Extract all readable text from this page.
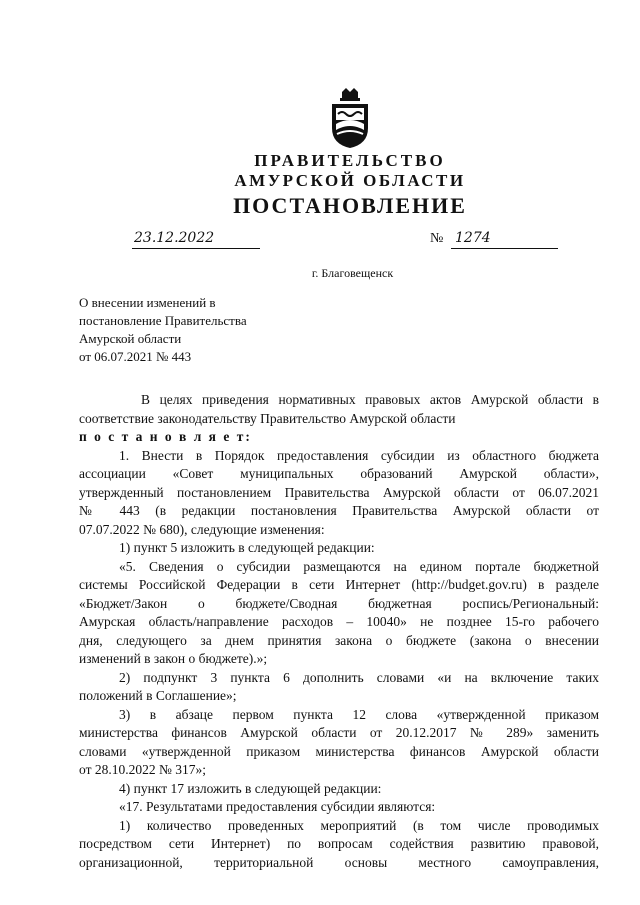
ПРАВИТЕЛЬСТВО
АМУРСКОЙ ОБЛАСТИ
ПОСТАНОВЛЕНИЕ
23.12.2022	№ 1274
г. Благовещенск
О внесении изменений в
постановление Правительства
Амурской области
от 06.07.2021 № 443
В целях приведения нормативных правовых актов Амурской области в
соответствие законодательству Правительство Амурской области
п о с т а н о в л я е т:
1. Внести в Порядок предоставления субсидии из областного бюджета
ассоциации «Совет муниципальных образований Амурской области»,
утвержденный постановлением Правительства Амурской области от 06.07.2021
№ 443 (в редакции постановления Правительства Амурской области от
07.07.2022 № 680), следующие изменения:
1) пункт 5 изложить в следующей редакции:
«5. Сведения о субсидии размещаются на едином портале бюджетной
системы Российской Федерации в сети Интернет (http://budget.gov.ru) в разделе
«Бюджет/Закон о бюджете/Сводная бюджетная роспись/Региональный:
Амурская область/направление расходов – 10040» не позднее 15-го рабочего
дня, следующего за днем принятия закона о бюджете (закона о внесении
изменений в закон о бюджете).»;
2) подпункт 3 пункта 6 дополнить словами «и на включение таких
положений в Соглашение»;
3) в абзаце первом пункта 12 слова «утвержденной приказом
министерства финансов Амурской области от 20.12.2017 № 289» заменить
словами «утвержденной приказом министерства финансов Амурской области
от 28.10.2022 № 317»;
4) пункт 17 изложить в следующей редакции:
«17. Результатами предоставления субсидии являются:
1) количество проведенных мероприятий (в том числе проводимых
посредством сети Интернет) по вопросам содействия развитию правовой,
организационной, территориальной основы местного самоуправления,
